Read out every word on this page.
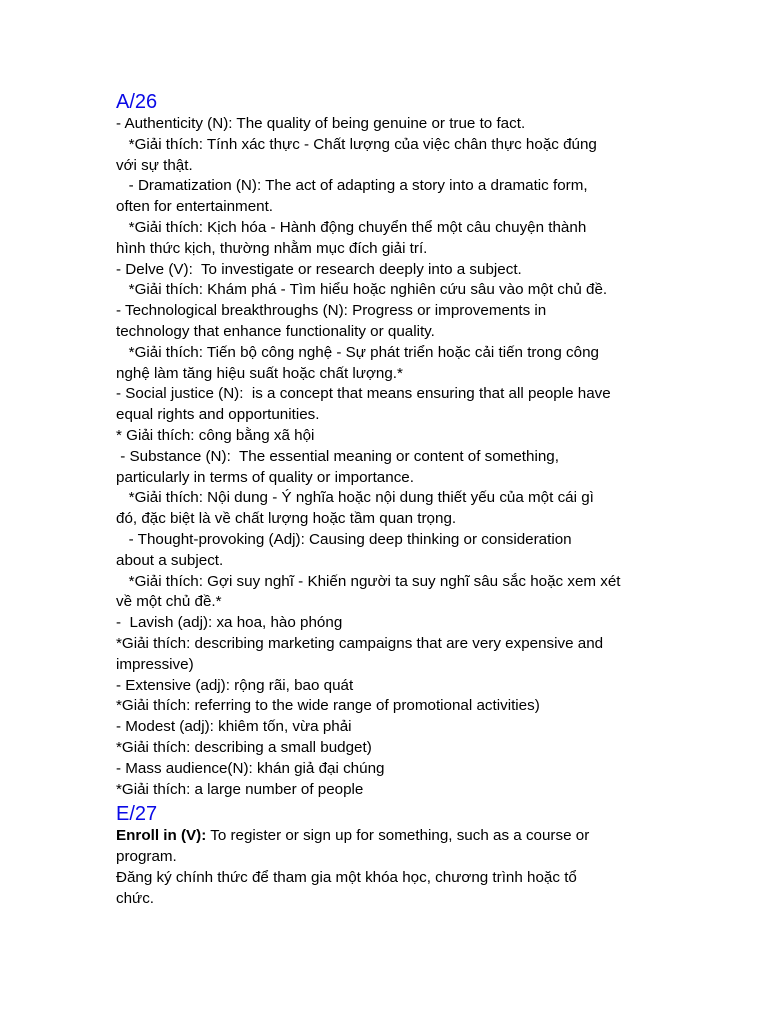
A/26

- Authenticity (N): The quality of being genuine or true to fact.

*Giải thích: Tính xác thực - Chất lượng của việc chân thực hoặc đúng

với sự thật.

- Dramatization (N): The act of adapting a story into a dramatic form,

often for entertainment.

*Giải thích: Kịch hóa - Hành động chuyển thể một câu chuyện thành

hình thức kịch, thường nhằm mục đích giải trí.

- Delve (V):  To investigate or research deeply into a subject.

*Giải thích: Khám phá - Tìm hiểu hoặc nghiên cứu sâu vào một chủ đề.

- Technological breakthroughs (N): Progress or improvements in

technology that enhance functionality or quality.

*Giải thích: Tiến bộ công nghệ - Sự phát triển hoặc cải tiến trong công

nghệ làm tăng hiệu suất hoặc chất lượng.*

- Social justice (N):  is a concept that means ensuring that all people have

equal rights and opportunities.

* Giải thích: công bằng xã hội

- Substance (N):  The essential meaning or content of something,

particularly in terms of quality or importance.

*Giải thích: Nội dung - Ý nghĩa hoặc nội dung thiết yếu của một cái gì

đó, đặc biệt là về chất lượng hoặc tầm quan trọng.

- Thought-provoking (Adj): Causing deep thinking or consideration

about a subject.

*Giải thích: Gợi suy nghĩ - Khiến người ta suy nghĩ sâu sắc hoặc xem xét

về một chủ đề.*

-  Lavish (adj): xa hoa, hào phóng

*Giải thích: describing marketing campaigns that are very expensive and

impressive)

- Extensive (adj): rộng rãi, bao quát

*Giải thích: referring to the wide range of promotional activities)

- Modest (adj): khiêm tốn, vừa phải

*Giải thích: describing a small budget)

- Mass audience(N): khán giả đại chúng

*Giải thích: a large number of people

E/27

Enroll in (V): To register or sign up for something, such as a course or

program.

Đăng ký chính thức để tham gia một khóa học, chương trình hoặc tổ

chức.
